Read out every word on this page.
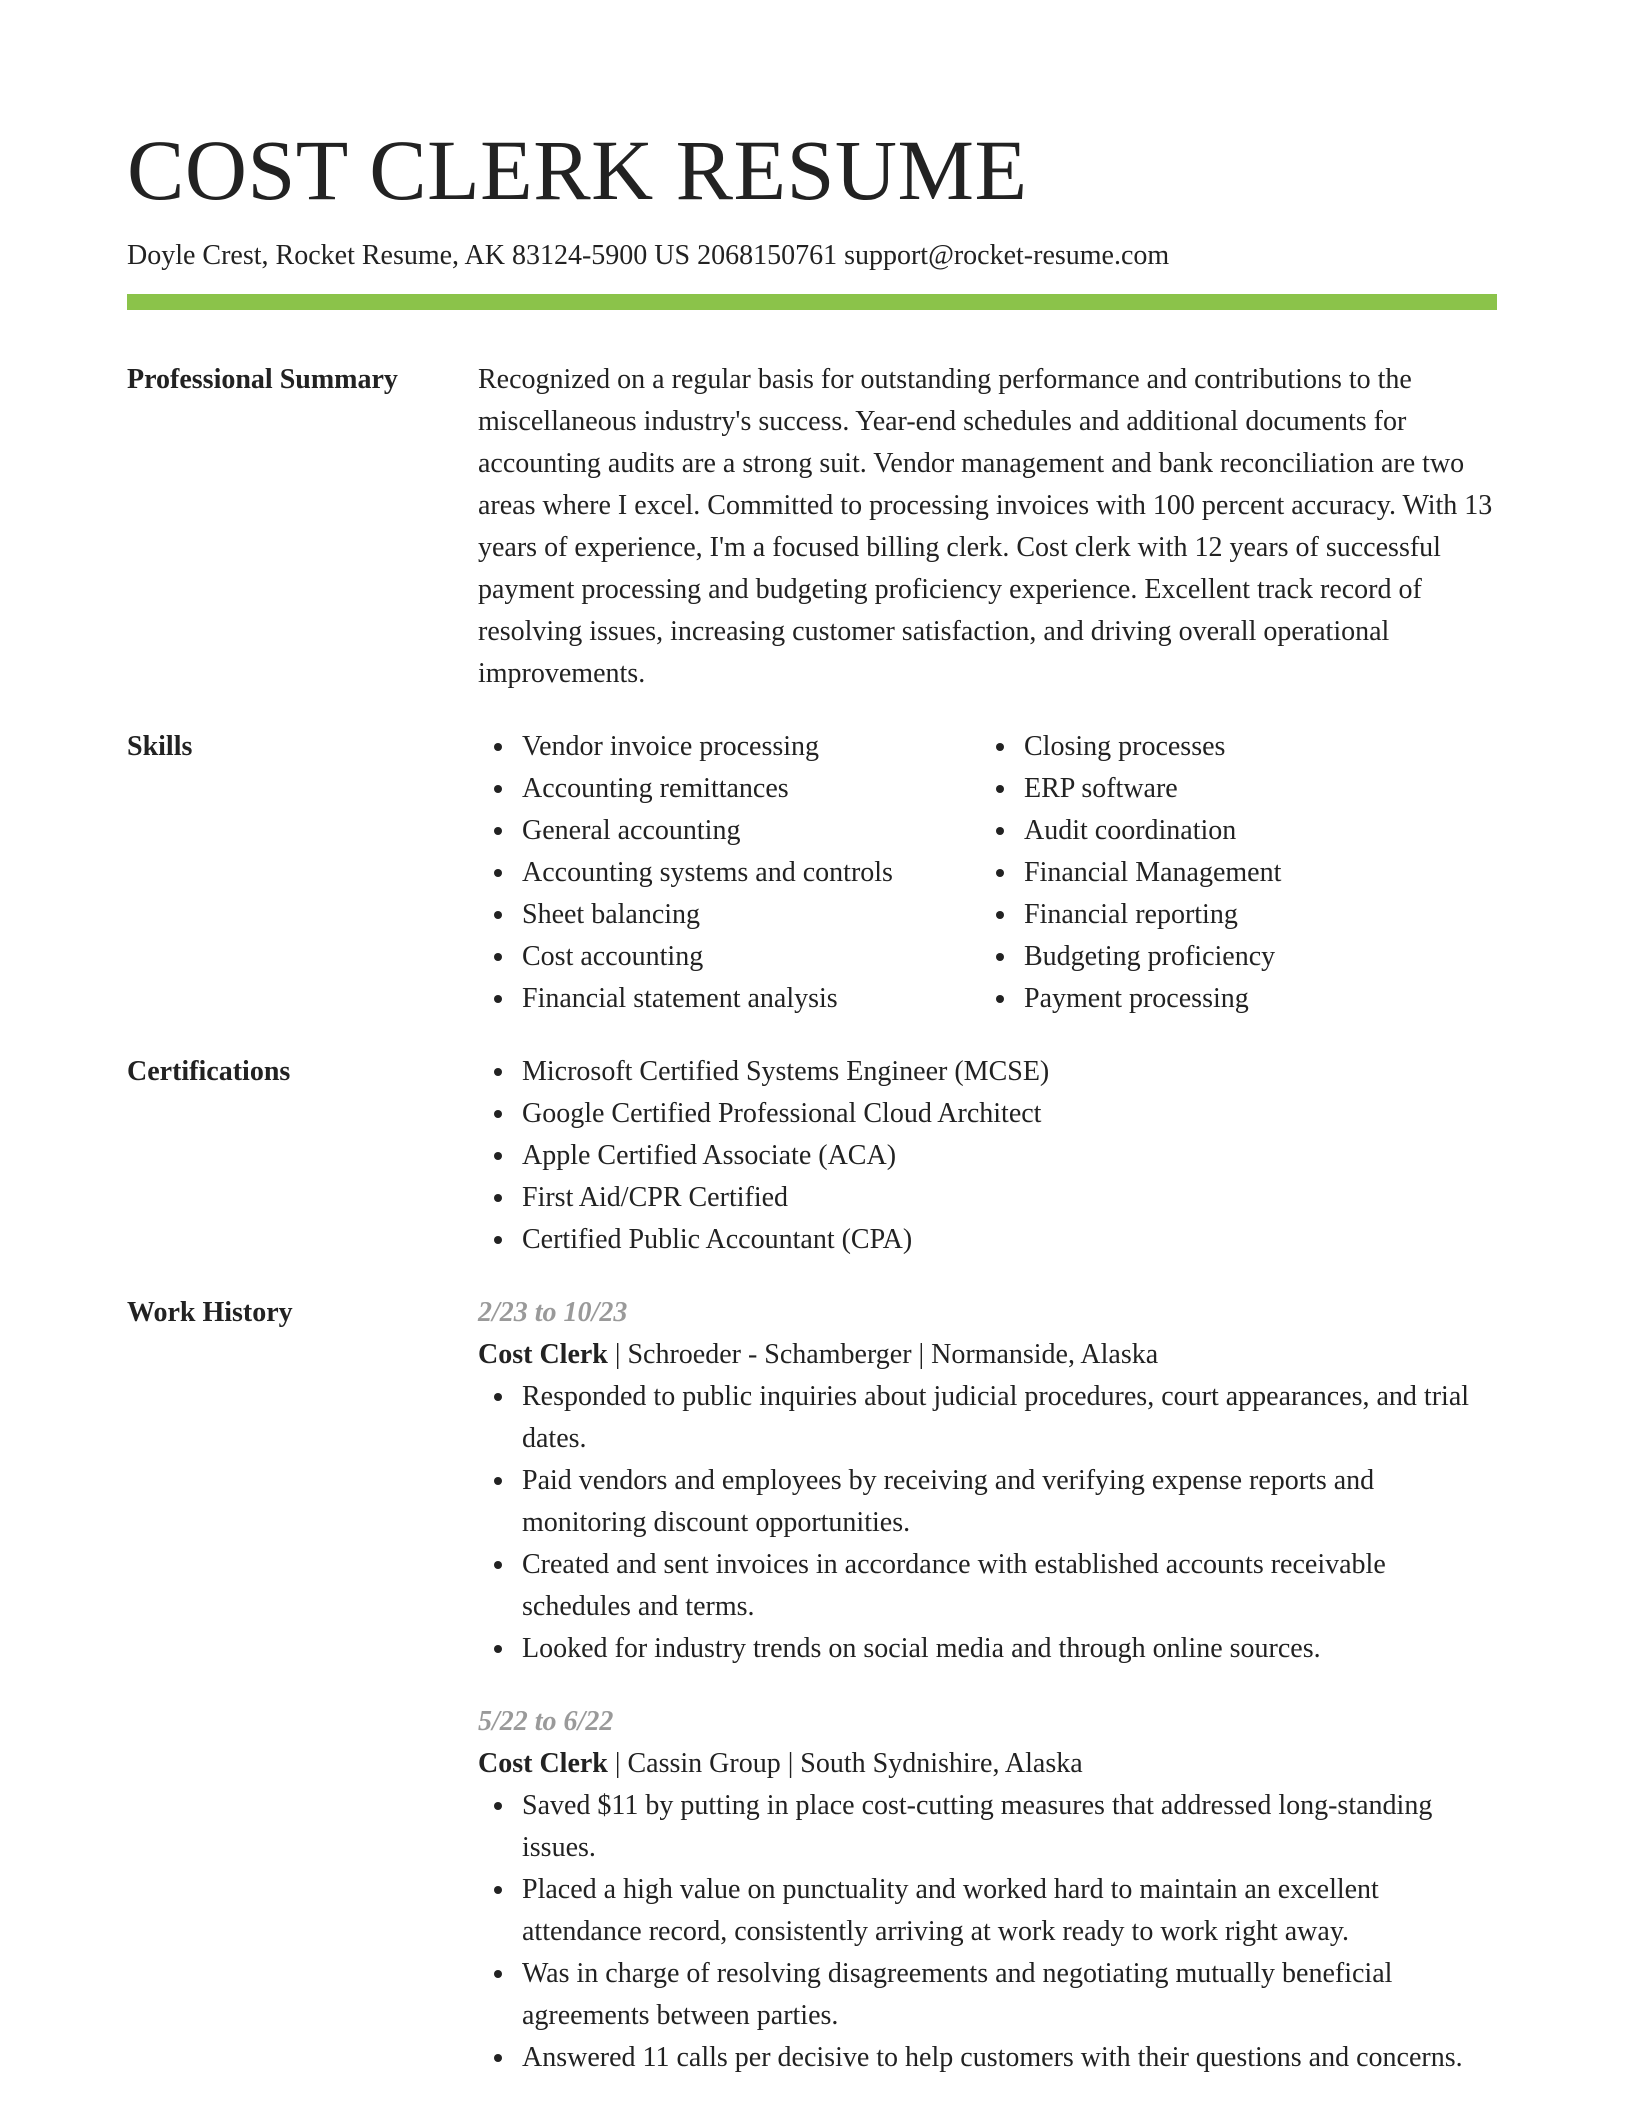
COST CLERK RESUME
Doyle Crest, Rocket Resume, AK 83124-5900 US 2068150761 support@rocket-resume.com
Professional Summary	Recognized on a regular basis for outstanding performance and contributions to the miscellaneous industry's success. Year-end schedules and additional documents for accounting audits are a strong suit. Vendor management and bank reconciliation are two areas where I excel. Committed to processing invoices with 100 percent accuracy. With 13 years of experience, I'm a focused billing clerk. Cost clerk with 12 years of successful payment processing and budgeting proficiency experience. Excellent track record of resolving issues, increasing customer satisfaction, and driving overall operational improvements.

Skills	Vendor invoice processing
Accounting remittances
General accounting
Accounting systems and controls
Sheet balancing
Cost accounting
Financial statement analysis
Closing processes
ERP software
Audit coordination
Financial Management
Financial reporting
Budgeting proficiency
Payment processing
Certifications	Microsoft Certified Systems Engineer (MCSE)
Google Certified Professional Cloud Architect
Apple Certified Associate (ACA)
First Aid/CPR Certified
Certified Public Accountant (CPA)
Work History	2/23 to 10/23
Cost Clerk | Schroeder - Schamberger | Normanside, Alaska
Responded to public inquiries about judicial procedures, court appearances, and trial dates.
Paid vendors and employees by receiving and verifying expense reports and monitoring discount opportunities.
Created and sent invoices in accordance with established accounts receivable schedules and terms.
Looked for industry trends on social media and through online sources.
5/22 to 6/22
Cost Clerk | Cassin Group | South Sydnishire, Alaska
Saved $11 by putting in place cost-cutting measures that addressed long-standing issues.
Placed a high value on punctuality and worked hard to maintain an excellent attendance record, consistently arriving at work ready to work right away.
Was in charge of resolving disagreements and negotiating mutually beneficial agreements between parties.
Answered 11 calls per decisive to help customers with their questions and concerns.
